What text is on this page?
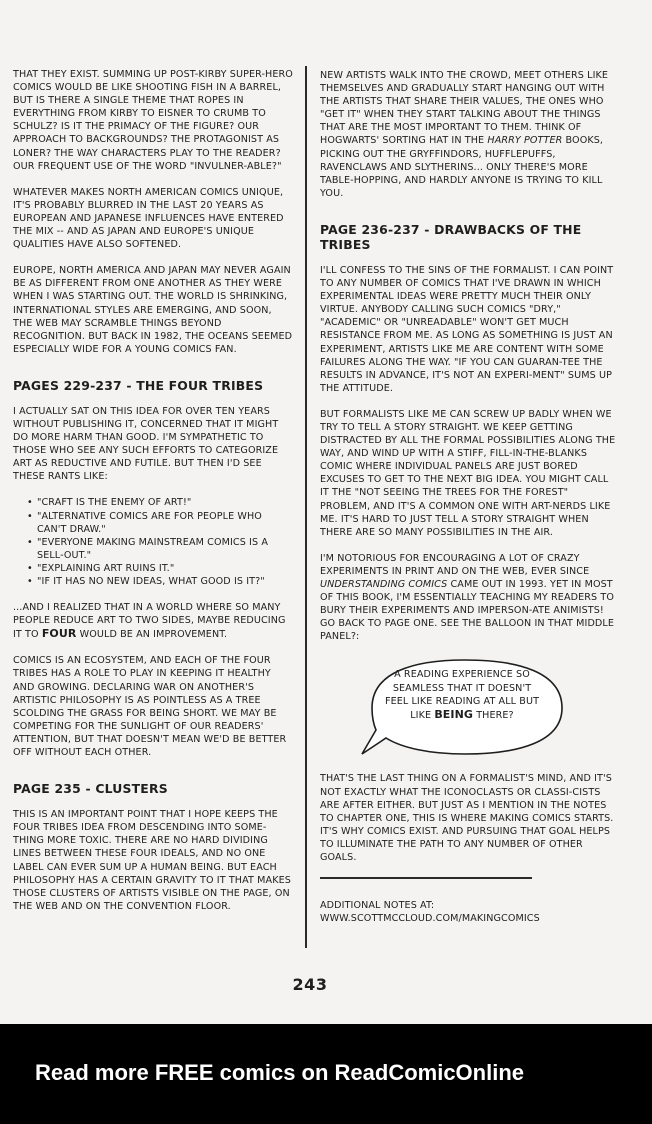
THAT THEY EXIST. SUMMING UP POST-KIRBY SUPER-HERO COMICS WOULD BE LIKE SHOOTING FISH IN A BARREL, BUT IS THERE A SINGLE THEME THAT ROPES IN EVERYTHING FROM KIRBY TO EISNER TO CRUMB TO SCHULZ? IS IT THE PRIMACY OF THE FIGURE? OUR APPROACH TO BACKGROUNDS? THE PROTAGONIST AS LONER? THE WAY CHARACTERS PLAY TO THE READER? OUR FREQUENT USE OF THE WORD "INVULNER-ABLE?"

WHATEVER MAKES NORTH AMERICAN COMICS UNIQUE, IT'S PROBABLY BLURRED IN THE LAST 20 YEARS AS EUROPEAN AND JAPANESE INFLUENCES HAVE ENTERED THE MIX -- AND AS JAPAN AND EUROPE'S UNIQUE QUALITIES HAVE ALSO SOFTENED.

EUROPE, NORTH AMERICA AND JAPAN MAY NEVER AGAIN BE AS DIFFERENT FROM ONE ANOTHER AS THEY WERE WHEN I WAS STARTING OUT. THE WORLD IS SHRINKING, INTERNATIONAL STYLES ARE EMERGING, AND SOON, THE WEB MAY SCRAMBLE THINGS BEYOND RECOGNITION. BUT BACK IN 1982, THE OCEANS SEEMED ESPECIALLY WIDE FOR A YOUNG COMICS FAN.

PAGES 229-237 - THE FOUR TRIBES

I ACTUALLY SAT ON THIS IDEA FOR OVER TEN YEARS WITHOUT PUBLISHING IT, CONCERNED THAT IT MIGHT DO MORE HARM THAN GOOD. I'M SYMPATHETIC TO THOSE WHO SEE ANY SUCH EFFORTS TO CATEGORIZE ART AS REDUCTIVE AND FUTILE. BUT THEN I'D SEE THESE RANTS LIKE:

• "CRAFT IS THE ENEMY OF ART!"
• "ALTERNATIVE COMICS ARE FOR PEOPLE WHO CAN'T DRAW."
• "EVERYONE MAKING MAINSTREAM COMICS IS A SELL-OUT."
• "EXPLAINING ART RUINS IT."
• "IF IT HAS NO NEW IDEAS, WHAT GOOD IS IT?"

...AND I REALIZED THAT IN A WORLD WHERE SO MANY PEOPLE REDUCE ART TO TWO SIDES, MAYBE REDUCING IT TO FOUR WOULD BE AN IMPROVEMENT.

COMICS IS AN ECOSYSTEM, AND EACH OF THE FOUR TRIBES HAS A ROLE TO PLAY IN KEEPING IT HEALTHY AND GROWING. DECLARING WAR ON ANOTHER'S ARTISTIC PHILOSOPHY IS AS POINTLESS AS A TREE SCOLDING THE GRASS FOR BEING SHORT. WE MAY BE COMPETING FOR THE SUNLIGHT OF OUR READERS' ATTENTION, BUT THAT DOESN'T MEAN WE'D BE BETTER OFF WITHOUT EACH OTHER.

PAGE 235 - CLUSTERS

THIS IS AN IMPORTANT POINT THAT I HOPE KEEPS THE FOUR TRIBES IDEA FROM DESCENDING INTO SOME-THING MORE TOXIC. THERE ARE NO HARD DIVIDING LINES BETWEEN THESE FOUR IDEALS, AND NO ONE LABEL CAN EVER SUM UP A HUMAN BEING. BUT EACH PHILOSOPHY HAS A CERTAIN GRAVITY TO IT THAT MAKES THOSE CLUSTERS OF ARTISTS VISIBLE ON THE PAGE, ON THE WEB AND ON THE CONVENTION FLOOR.

NEW ARTISTS WALK INTO THE CROWD, MEET OTHERS LIKE THEMSELVES AND GRADUALLY START HANGING OUT WITH THE ARTISTS THAT SHARE THEIR VALUES, THE ONES WHO "GET IT" WHEN THEY START TALKING ABOUT THE THINGS THAT ARE THE MOST IMPORTANT TO THEM. THINK OF HOGWARTS' SORTING HAT IN THE HARRY POTTER BOOKS, PICKING OUT THE GRYFFINDORS, HUFFLEPUFFS, RAVENCLAWS AND SLYTHERINS... ONLY THERE'S MORE TABLE-HOPPING, AND HARDLY ANYONE IS TRYING TO KILL YOU.

PAGE 236-237 - DRAWBACKS OF THE TRIBES

I'LL CONFESS TO THE SINS OF THE FORMALIST. I CAN POINT TO ANY NUMBER OF COMICS THAT I'VE DRAWN IN WHICH EXPERIMENTAL IDEAS WERE PRETTY MUCH THEIR ONLY VIRTUE. ANYBODY CALLING SUCH COMICS "DRY," "ACADEMIC" OR "UNREADABLE" WON'T GET MUCH RESISTANCE FROM ME. AS LONG AS SOMETHING IS JUST AN EXPERIMENT, ARTISTS LIKE ME ARE CONTENT WITH SOME FAILURES ALONG THE WAY. "IF YOU CAN GUARAN-TEE THE RESULTS IN ADVANCE, IT'S NOT AN EXPERI-MENT" SUMS UP THE ATTITUDE.

BUT FORMALISTS LIKE ME CAN SCREW UP BADLY WHEN WE TRY TO TELL A STORY STRAIGHT. WE KEEP GETTING DISTRACTED BY ALL THE FORMAL POSSIBILITIES ALONG THE WAY, AND WIND UP WITH A STIFF, FILL-IN-THE-BLANKS COMIC WHERE INDIVIDUAL PANELS ARE JUST BORED EXCUSES TO GET TO THE NEXT BIG IDEA. YOU MIGHT CALL IT THE "NOT SEEING THE TREES FOR THE FOREST" PROBLEM, AND IT'S A COMMON ONE WITH ART-NERDS LIKE ME. IT'S HARD TO JUST TELL A STORY STRAIGHT WHEN THERE ARE SO MANY POSSIBILITIES IN THE AIR.

I'M NOTORIOUS FOR ENCOURAGING A LOT OF CRAZY EXPERIMENTS IN PRINT AND ON THE WEB, EVER SINCE UNDERSTANDING COMICS CAME OUT IN 1993. YET IN MOST OF THIS BOOK, I'M ESSENTIALLY TEACHING MY READERS TO BURY THEIR EXPERIMENTS AND IMPERSON-ATE ANIMISTS! GO BACK TO PAGE ONE. SEE THE BALLOON IN THAT MIDDLE PANEL?:

A READING EXPERIENCE SO SEAMLESS THAT IT DOESN'T FEEL LIKE READING AT ALL BUT LIKE BEING THERE?

THAT'S THE LAST THING ON A FORMALIST'S MIND, AND IT'S NOT EXACTLY WHAT THE ICONOCLASTS OR CLASSI-CISTS ARE AFTER EITHER. BUT JUST AS I MENTION IN THE NOTES TO CHAPTER ONE, THIS IS WHERE MAKING COMICS STARTS. IT'S WHY COMICS EXIST. AND PURSUING THAT GOAL HELPS TO ILLUMINATE THE PATH TO ANY NUMBER OF OTHER GOALS.

ADDITIONAL NOTES AT:
WWW.SCOTTMCCLOUD.COM/MAKINGCOMICS
243
Read more FREE comics on ReadComicOnline
